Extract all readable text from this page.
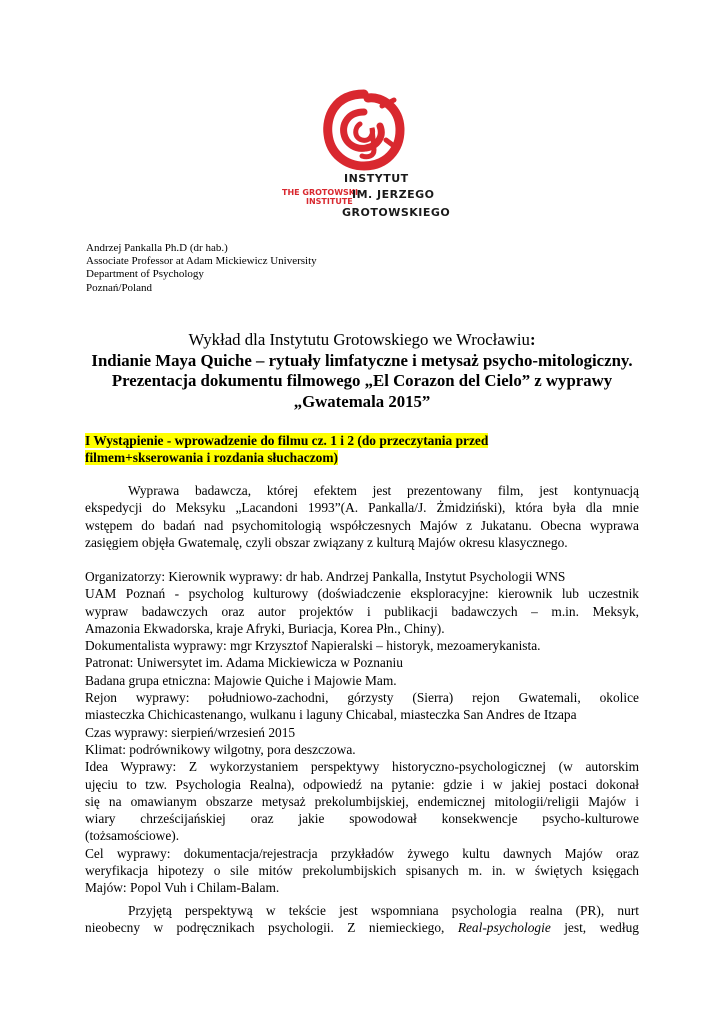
INSTYTUT
THE GROTOWSKI
INSTITUTE
IM. JERZEGO
GROTOWSKIEGO
Andrzej Pankalla Ph.D (dr hab.)
Associate Professor at Adam Mickiewicz University
Department of Psychology
Poznań/Poland
Wykład dla Instytutu Grotowskiego we Wrocławiu:
Indianie Maya Quiche – rytuały limfatyczne i metysaż psycho-mitologiczny.
Prezentacja dokumentu filmowego „El Corazon del Cielo” z wyprawy
„Gwatemala 2015”
I Wystąpienie - wprowadzenie do filmu cz. 1 i 2 (do przeczytania przed
filmem+skserowania i rozdania słuchaczom)
Wyprawa badawcza, której efektem jest prezentowany film, jest kontynuacją
ekspedycji do Meksyku „Lacandoni 1993”(A. Pankalla/J. Żmidziński), która była dla mnie
wstępem do badań nad psychomitologią współczesnych Majów z Jukatanu. Obecna wyprawa
zasięgiem objęła Gwatemalę, czyli obszar związany z kulturą Majów okresu klasycznego.
Organizatorzy: Kierownik wyprawy: dr hab. Andrzej Pankalla, Instytut Psychologii WNS
UAM Poznań - psycholog kulturowy (doświadczenie eksploracyjne: kierownik lub uczestnik
wypraw badawczych oraz autor projektów i publikacji badawczych – m.in. Meksyk,
Amazonia Ekwadorska, kraje Afryki, Buriacja, Korea Płn., Chiny).
Dokumentalista wyprawy: mgr Krzysztof Napieralski – historyk, mezoamerykanista.
Patronat: Uniwersytet im. Adama Mickiewicza w Poznaniu
Badana grupa etniczna: Majowie Quiche i Majowie Mam.
Rejon wyprawy: południowo-zachodni, górzysty (Sierra) rejon Gwatemali, okolice
miasteczka Chichicastenango, wulkanu i laguny Chicabal, miasteczka San Andres de Itzapa
Czas wyprawy: sierpień/wrzesień 2015
Klimat: podrównikowy wilgotny, pora deszczowa.
Idea Wyprawy: Z wykorzystaniem perspektywy historyczno-psychologicznej (w autorskim
ujęciu to tzw. Psychologia Realna), odpowiedź na pytanie: gdzie i w jakiej postaci dokonał
się na omawianym obszarze metysaż prekolumbijskiej, endemicznej mitologii/religii Majów i
wiary chrześcijańskiej oraz jakie spowodował konsekwencje psycho-kulturowe
(tożsamościowe).
Cel wyprawy: dokumentacja/rejestracja przykładów żywego kultu dawnych Majów oraz
weryfikacja hipotezy o sile mitów prekolumbijskich spisanych m. in. w świętych księgach
Majów: Popol Vuh i Chilam-Balam.
Przyjętą perspektywą w tekście jest wspomniana psychologia realna (PR), nurt
nieobecny w podręcznikach psychologii. Z niemieckiego, Real-psychologie jest, według
